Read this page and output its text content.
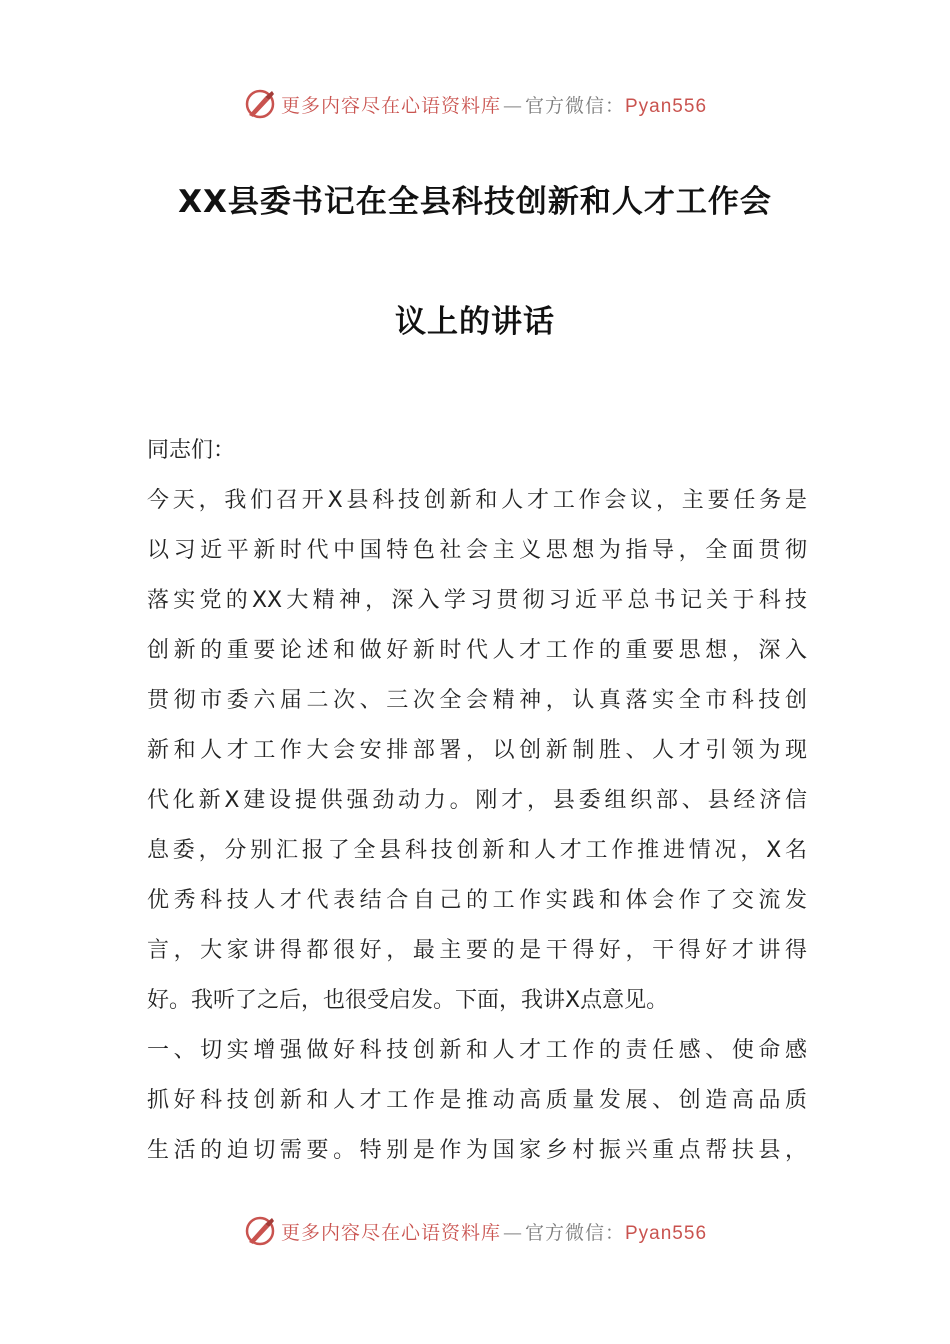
更多内容尽在心语资料库 — 官方微信：Pyan556
XX县委书记在全县科技创新和人才工作会
议上的讲话
同志们：
今天，我们召开X县科技创新和人才工作会议，主要任务是
以习近平新时代中国特色社会主义思想为指导，全面贯彻
落实党的XX大精神，深入学习贯彻习近平总书记关于科技
创新的重要论述和做好新时代人才工作的重要思想，深入
贯彻市委六届二次、三次全会精神，认真落实全市科技创
新和人才工作大会安排部署，以创新制胜、人才引领为现
代化新X建设提供强劲动力。刚才，县委组织部、县经济信
息委，分别汇报了全县科技创新和人才工作推进情况，X名
优秀科技人才代表结合自己的工作实践和体会作了交流发
言，大家讲得都很好，最主要的是干得好，干得好才讲得
好。我听了之后，也很受启发。下面，我讲X点意见。
一、切实增强做好科技创新和人才工作的责任感、使命感
抓好科技创新和人才工作是推动高质量发展、创造高品质
生活的迫切需要。特别是作为国家乡村振兴重点帮扶县，
更多内容尽在心语资料库 — 官方微信：Pyan556
